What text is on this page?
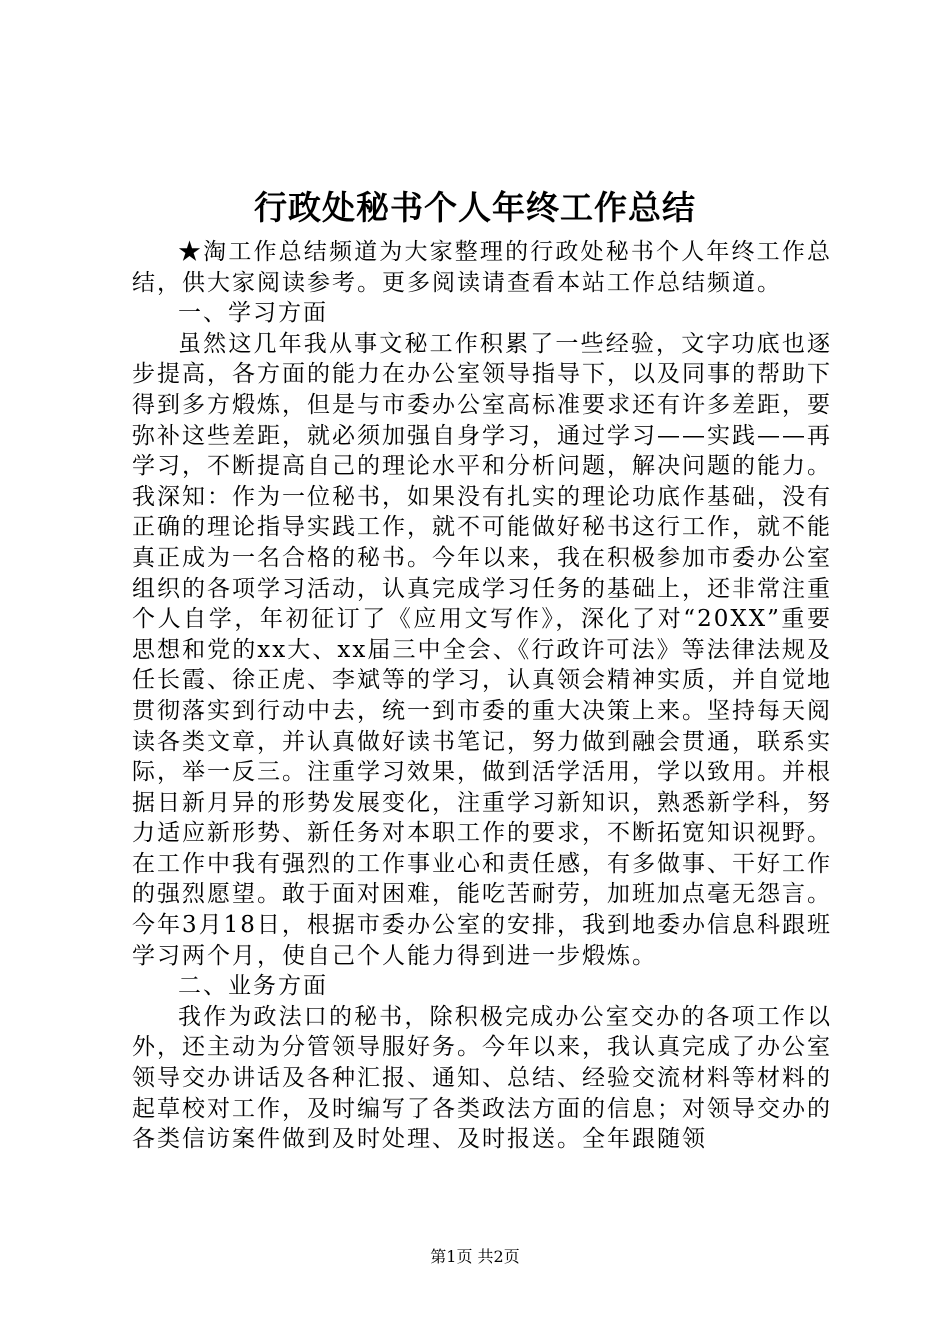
行政处秘书个人年终工作总结

★淘工作总结频道为大家整理的行政处秘书个人年终工作总结，供大家阅读参考。更多阅读请查看本站工作总结频道。

一、学习方面

虽然这几年我从事文秘工作积累了一些经验，文字功底也逐步提高，各方面的能力在办公室领导指导下，以及同事的帮助下得到多方煅炼，但是与市委办公室高标准要求还有许多差距，要弥补这些差距，就必须加强自身学习，通过学习——实践——再学习，不断提高自己的理论水平和分析问题，解决问题的能力。我深知：作为一位秘书，如果没有扎实的理论功底作基础，没有正确的理论指导实践工作，就不可能做好秘书这行工作，就不能真正成为一名合格的秘书。今年以来，我在积极参加市委办公室组织的各项学习活动，认真完成学习任务的基础上，还非常注重个人自学，年初征订了《应用文写作》，深化了对“20XX”重要思想和党的xx大、xx届三中全会、《行政许可法》等法律法规及任长霞、徐正虎、李斌等的学习，认真领会精神实质，并自觉地贯彻落实到行动中去，统一到市委的重大决策上来。坚持每天阅读各类文章，并认真做好读书笔记，努力做到融会贯通，联系实际，举一反三。注重学习效果，做到活学活用，学以致用。并根据日新月异的形势发展变化，注重学习新知识，熟悉新学科，努力适应新形势、新任务对本职工作的要求，不断拓宽知识视野。在工作中我有强烈的工作事业心和责任感，有多做事、干好工作的强烈愿望。敢于面对困难，能吃苦耐劳，加班加点毫无怨言。今年3月18日，根据市委办公室的安排，我到地委办信息科跟班学习两个月，使自己个人能力得到进一步煅炼。

二、业务方面

我作为政法口的秘书，除积极完成办公室交办的各项工作以外，还主动为分管领导服好务。今年以来，我认真完成了办公室领导交办讲话及各种汇报、通知、总结、经验交流材料等材料的起草校对工作，及时编写了各类政法方面的信息；对领导交办的各类信访案件做到及时处理、及时报送。全年跟随领

第1页 共2页
